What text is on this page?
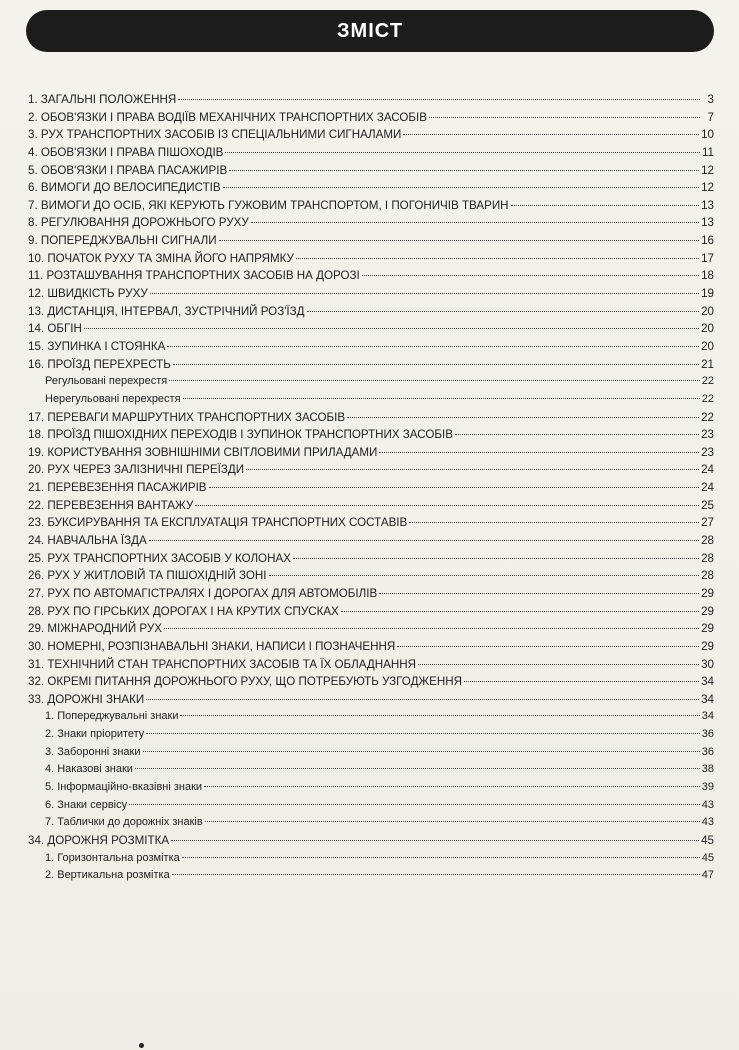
ЗМІСТ
1. ЗАГАЛЬНІ ПОЛОЖЕННЯ	3
2. ОБОВ'ЯЗКИ І ПРАВА ВОДІЇВ МЕХАНІЧНИХ ТРАНСПОРТНИХ ЗАСОБІВ	7
3. РУХ ТРАНСПОРТНИХ ЗАСОБІВ ІЗ СПЕЦІАЛЬНИМИ СИГНАЛАМИ	10
4. ОБОВ'ЯЗКИ І ПРАВА ПІШОХОДІВ	11
5. ОБОВ'ЯЗКИ І ПРАВА ПАСАЖИРІВ	12
6. ВИМОГИ ДО ВЕЛОСИПЕДИСТІВ	12
7. ВИМОГИ ДО ОСІБ, ЯКІ КЕРУЮТЬ ГУЖОВИМ ТРАНСПОРТОМ, І ПОГОНИЧІВ ТВАРИН	13
8. РЕГУЛЮВАННЯ ДОРОЖНЬОГО РУХУ	13
9. ПОПЕРЕДЖУВАЛЬНІ СИГНАЛИ	16
10. ПОЧАТОК РУХУ ТА ЗМІНА ЙОГО НАПРЯМКУ	17
11. РОЗТАШУВАННЯ ТРАНСПОРТНИХ ЗАСОБІВ НА ДОРОЗІ	18
12. ШВИДКІСТЬ РУХУ	19
13. ДИСТАНЦІЯ, ІНТЕРВАЛ, ЗУСТРІЧНИЙ РОЗ'ЇЗД	20
14. ОБГІН	20
15. ЗУПИНКА І СТОЯНКА	20
16. ПРОЇЗД ПЕРЕХРЕСТЬ	21
Регульовані перехрестя	22
Нерегульовані перехрестя	22
17. ПЕРЕВАГИ МАРШРУТНИХ ТРАНСПОРТНИХ ЗАСОБІВ	22
18. ПРОЇЗД ПІШОХІДНИХ ПЕРЕХОДІВ І ЗУПИНОК ТРАНСПОРТНИХ ЗАСОБІВ	23
19. КОРИСТУВАННЯ ЗОВНІШНІМИ СВІТЛОВИМИ ПРИЛАДАМИ	23
20. РУХ ЧЕРЕЗ ЗАЛІЗНИЧНІ ПЕРЕЇЗДИ	24
21. ПЕРЕВЕЗЕННЯ ПАСАЖИРІВ	24
22. ПЕРЕВЕЗЕННЯ ВАНТАЖУ	25
23. БУКСИРУВАННЯ ТА ЕКСПЛУАТАЦІЯ ТРАНСПОРТНИХ СОСТАВІВ	27
24. НАВЧАЛЬНА ЇЗДА	28
25. РУХ ТРАНСПОРТНИХ ЗАСОБІВ У КОЛОНАХ	28
26. РУХ У ЖИТЛОВІЙ ТА ПІШОХІДНІЙ ЗОНІ	28
27. РУХ ПО АВТОМАГІСТРАЛЯХ І ДОРОГАХ ДЛЯ АВТОМОБІЛІВ	29
28. РУХ ПО ГІРСЬКИХ ДОРОГАХ І НА КРУТИХ СПУСКАХ	29
29. МІЖНАРОДНИЙ РУХ	29
30. НОМЕРНІ, РОЗПІЗНАВАЛЬНІ ЗНАКИ, НАПИСИ І ПОЗНАЧЕННЯ	29
31. ТЕХНІЧНИЙ СТАН ТРАНСПОРТНИХ ЗАСОБІВ ТА ЇХ ОБЛАДНАННЯ	30
32. ОКРЕМІ ПИТАННЯ ДОРОЖНЬОГО РУХУ, ЩО ПОТРЕБУЮТЬ УЗГОДЖЕННЯ	34
33. ДОРОЖНІ ЗНАКИ	34
1. Попереджувальні знаки	34
2. Знаки пріоритету	36
3. Заборонні знаки	36
4. Наказові знаки	38
5. Інформаційно-вказівні знаки	39
6. Знаки сервісу	43
7. Таблички до дорожніх знаків	43
34. ДОРОЖНЯ РОЗМІТКА	45
1. Горизонтальна розмітка	45
2. Вертикальна розмітка	47
